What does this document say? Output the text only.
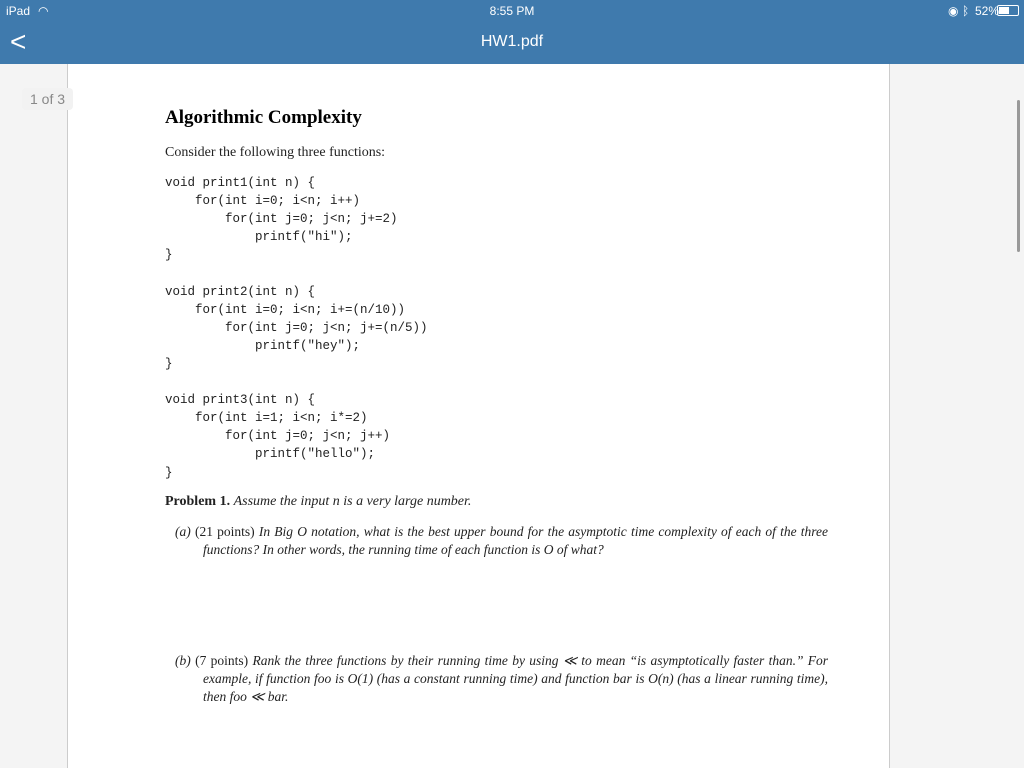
iPad ◠	8:55 PM	◉ ᛒ 52%
<	HW1.pdf
1 of 3
Algorithmic Complexity
Consider the following three functions:
void print1(int n) {
for(int i=0; i<n; i++)
for(int j=0; j<n; j+=2)
printf("hi");
}

void print2(int n) {
for(int i=0; i<n; i+=(n/10))
for(int j=0; j<n; j+=(n/5))
printf("hey");
}

void print3(int n) {
for(int i=1; i<n; i*=2)
for(int j=0; j<n; j++)
printf("hello");
}
Problem 1. Assume the input n is a very large number.
(a) (21 points) In Big O notation, what is the best upper bound for the asymptotic time complexity of each of the three functions? In other words, the running time of each function is O of what?
(b) (7 points) Rank the three functions by their running time by using ≪ to mean “is asymptotically faster than.” For example, if function foo is O(1) (has a constant running time) and function bar is O(n) (has a linear running time), then foo ≪ bar.
